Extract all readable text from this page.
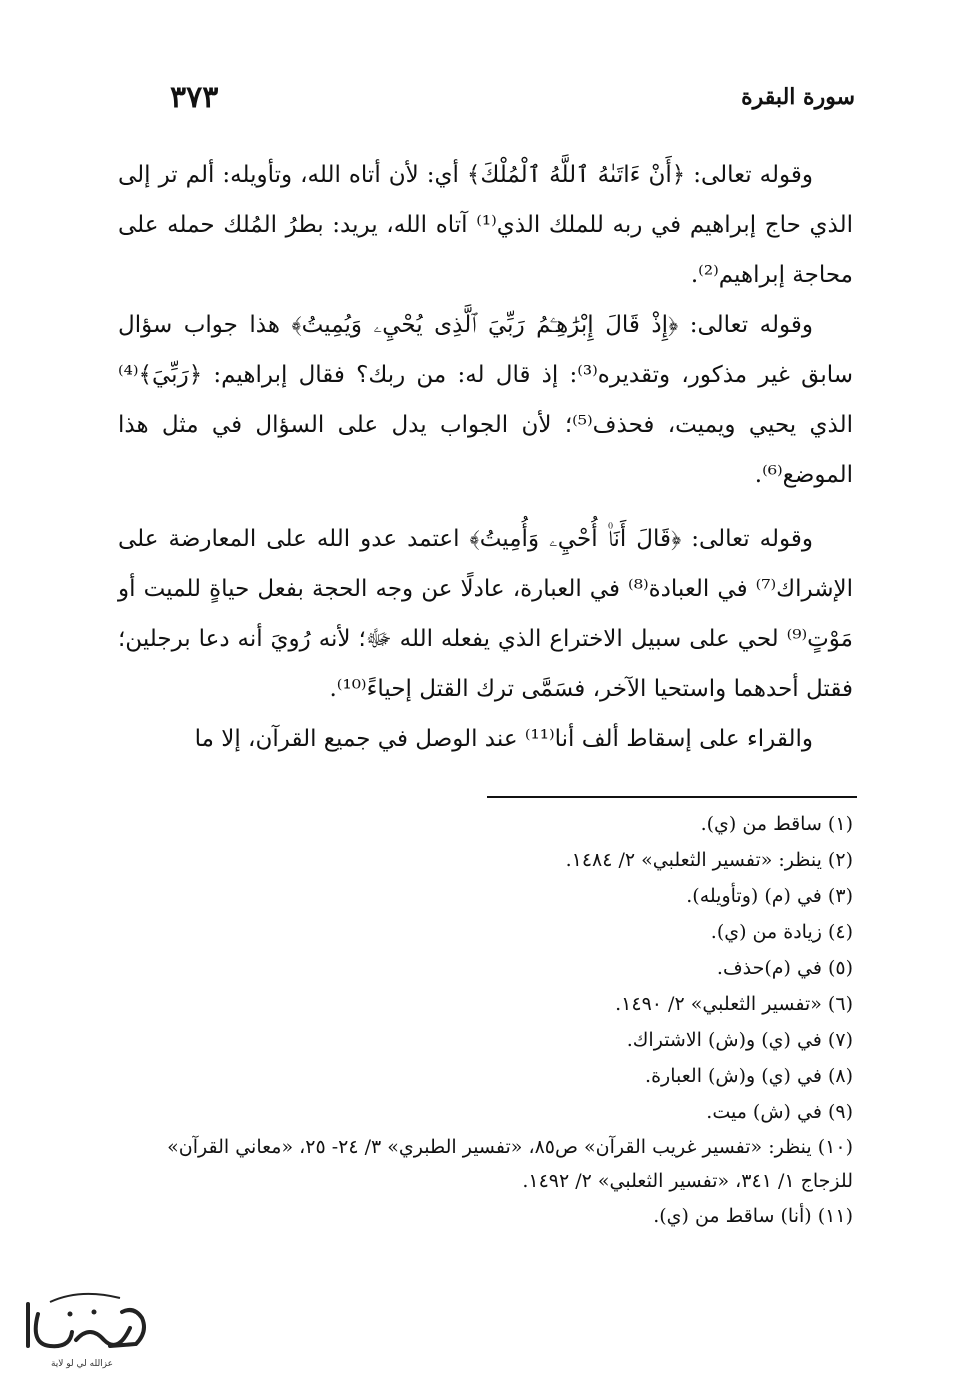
سورة البقرة
٣٧٣

وقوله تعالى: ﴿أَنْ ءَاتَىٰهُ ٱللَّهُ ٱلْمُلْكَ﴾ أي: لأن أتاه الله، وتأويله: ألم تر إلى الذي حاج إبراهيم في ربه للملك الذي⁽¹⁾ آتاه الله، يريد: بطرُ المُلك حمله على محاجة إبراهيم⁽²⁾.

وقوله تعالى: ﴿إِذْ قَالَ إِبْرَٰهِـۧمُ رَبِّيَ ٱلَّذِى يُحْيِۦ وَيُمِيتُ﴾ هذا جواب سؤال سابق غير مذكور، وتقديره⁽³⁾: إذ قال له: من ربك؟ فقال إبراهيم: ﴿رَبِّيَ﴾⁽⁴⁾ الذي يحيي ويميت، فحذف⁽⁵⁾؛ لأن الجواب يدل على السؤال في مثل هذا الموضع⁽⁶⁾.

وقوله تعالى: ﴿قَالَ أَنَا۠ أُحْيِۦ وَأُمِيتُ﴾ اعتمد عدو الله على المعارضة على الإشراك⁽⁷⁾ في العبادة⁽⁸⁾ في العبارة، عادلًا عن وجه الحجة بفعل حياةٍ للميت أو مَوْتٍ⁽⁹⁾ لحي على سبيل الاختراع الذي يفعله الله ﷻ؛ لأنه رُويَ أنه دعا برجلين؛ فقتل أحدهما واستحيا الآخر، فسَمَّى ترك القتل إحياءً⁽¹⁰⁾.

والقراء على إسقاط ألف أنا⁽¹¹⁾ عند الوصل في جميع القرآن، إلا ما

(١) ساقط من (ي).

(٢) ينظر: «تفسير الثعلبي» ٢/ ١٤٨٤.

(٣) في (م) (وتأويله).

(٤) زيادة من (ي).

(٥) في (م)حذف.

(٦) «تفسير الثعلبي» ٢/ ١٤٩٠.

(٧) في (ي) و(ش) الاشتراك.

(٨) في (ي) و(ش) العبارة.

(٩) في (ش) ميت.

(١٠) ينظر: «تفسير غريب القرآن» ص٨٥، «تفسير الطبري» ٣/ ٢٤- ٢٥، «معاني القرآن» للزجاج ١/ ٣٤١، «تفسير الثعلبي» ٢/ ١٤٩٢.

(١١) (أنا) ساقط من (ي).

عزالله لي لو لاية
